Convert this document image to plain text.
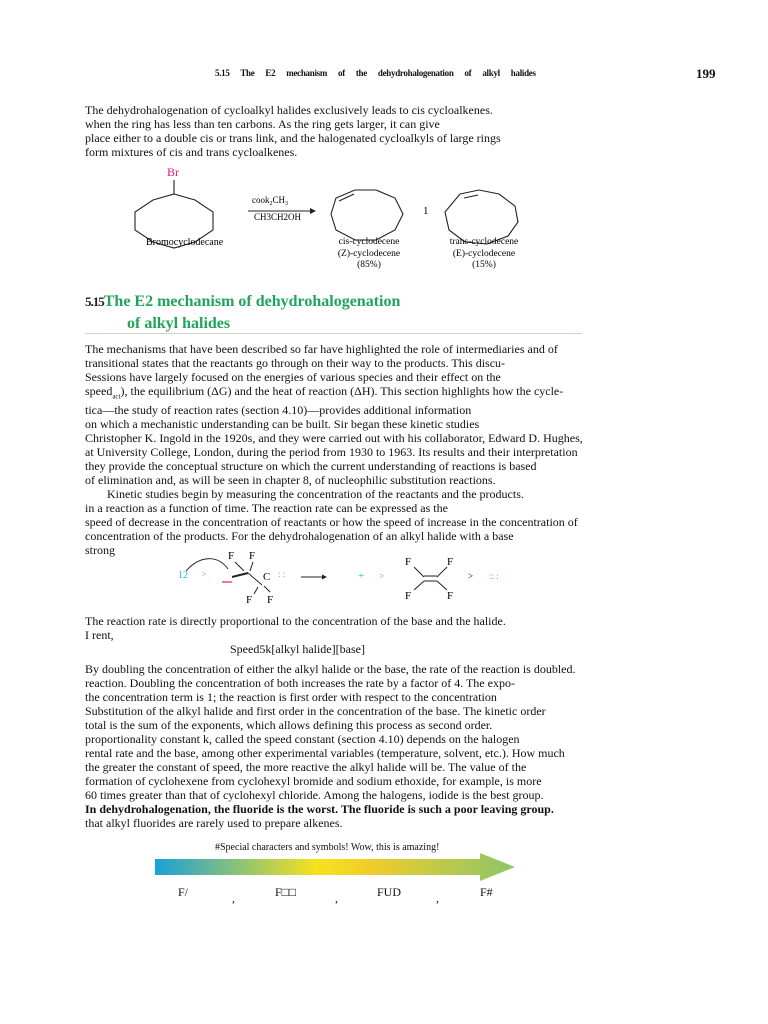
5.15 The E2 mechanism of the dehydrohalogenation of alkyl halides	199
The dehydrohalogenation of cycloalkyl halides exclusively leads to cis cycloalkenes.
when the ring has less than ten carbons. As the ring gets larger, it can give
place either to a double cis or trans link, and the halogenated cycloalkyls of large rings
form mixtures of cis and trans cycloalkenes.
Br
Bromocyclodecane
$cook_2CH_3$
CH3CH2OH	1
cis-cyclodecene
(Z)-cyclodecene
(85%)
trans-cyclodecene
(E)-cyclodecene
(15%)
5.15The E2 mechanism of dehydrohalogenation
of alkyl halides
The mechanisms that have been described so far have highlighted the role of intermediaries and of
transitional states that the reactants go through on their way to the products. This discu-
Sessions have largely focused on the energies of various species and their effect on the
speed$_{act}$), the equilibrium (ΔG) and the heat of reaction (ΔH). This section highlights how the cycle-
tica—the study of reaction rates (section 4.10)—provides additional information
on which a mechanistic understanding can be built. Sir began these kinetic studies
Christopher K. Ingold in the 1920s, and they were carried out with his collaborator, Edward D. Hughes,
at University College, London, during the period from 1930 to 1963. Its results and their interpretation
they provide the conceptual structure on which the current understanding of reactions is based
of elimination and, as will be seen in chapter 8, of nucleophilic substitution reactions.
Kinetic studies begin by measuring the concentration of the reactants and the products.
in a reaction as a function of time. The reaction rate can be expressed as the
speed of decrease in the concentration of reactants or how the speed of increase in the concentration of
concentration of the products. For the dehydrohalogenation of an alkyl halide with a base
strong
12 >
F F
C : :
F F
+ >
F	F
F	F
> :: :
The reaction rate is directly proportional to the concentration of the base and the halide.
I rent,
Speed5k[alkyl halide][base]
By doubling the concentration of either the alkyl halide or the base, the rate of the reaction is doubled.
reaction. Doubling the concentration of both increases the rate by a factor of 4. The expo-
the concentration term is 1; the reaction is first order with respect to the concentration
Substitution of the alkyl halide and first order in the concentration of the base. The kinetic order
total is the sum of the exponents, which allows defining this process as second order.
proportionality constant k, called the speed constant (section 4.10) depends on the halogen
rental rate and the base, among other experimental variables (temperature, solvent, etc.). How much
the greater the constant of speed, the more reactive the alkyl halide will be. The value of the
formation of cyclohexene from cyclohexyl bromide and sodium ethoxide, for example, is more
60 times greater than that of cyclohexyl chloride. Among the halogens, iodide is the best group.
In dehydrohalogenation, the fluoride is the worst. The fluoride is such a poor leaving group.
that alkyl fluorides are rarely used to prepare alkenes.
#Special characters and symbols! Wow, this is amazing!
F/	,	F□□	,	FUD	,	F#
